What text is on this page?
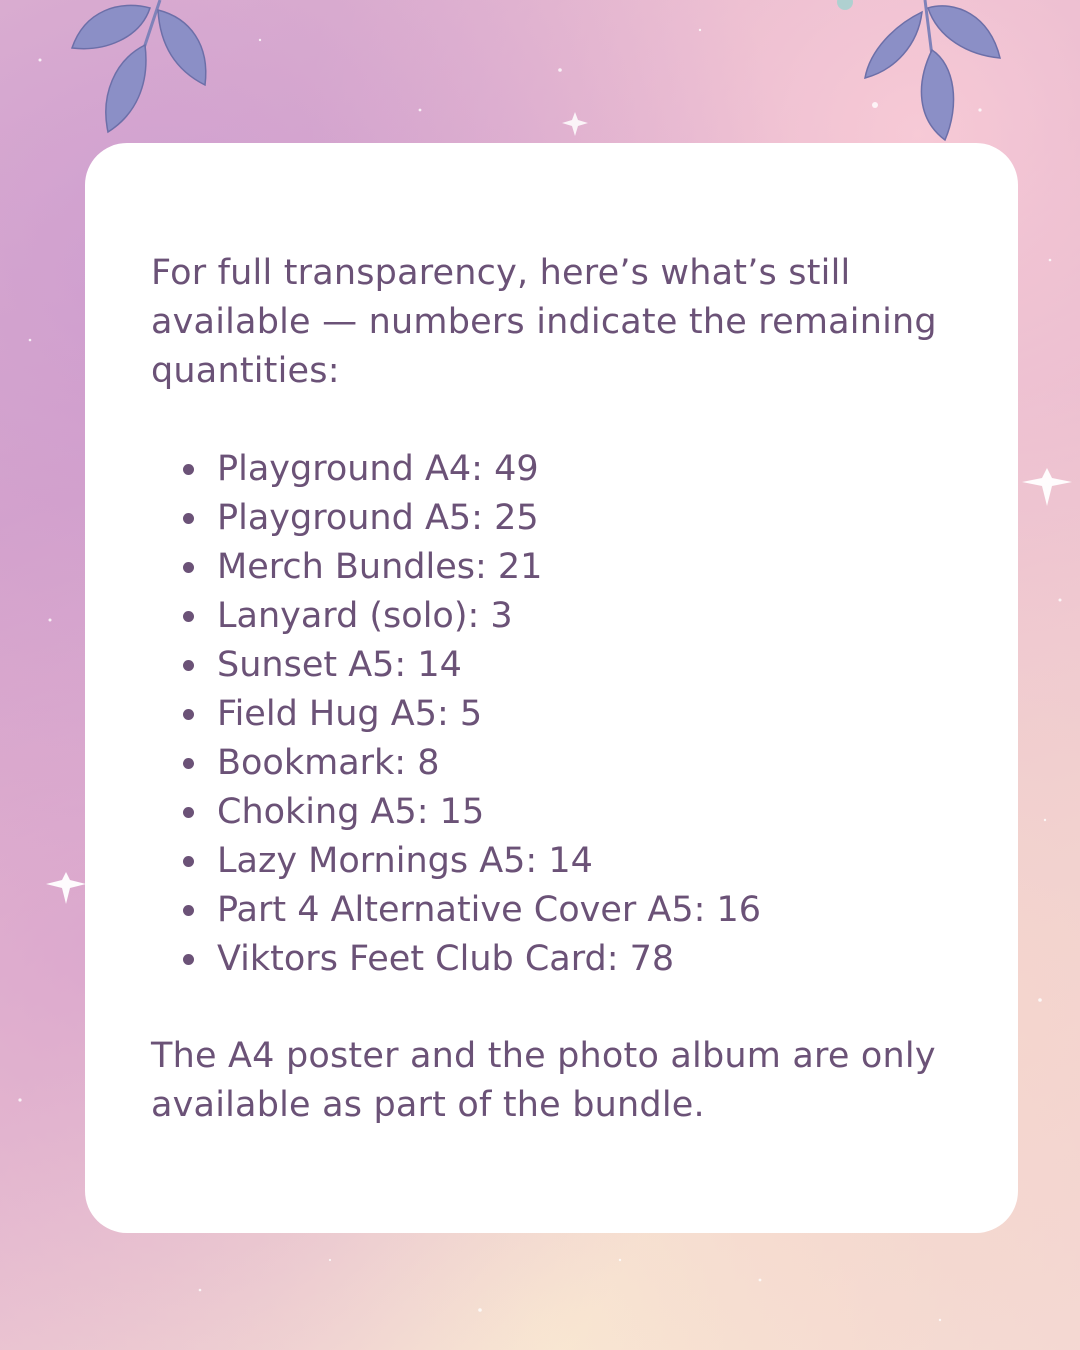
For full transparency, here’s what’s still available — numbers indicate the remaining quantities:

Playground A4: 49
Playground A5: 25
Merch Bundles: 21
Lanyard (solo): 3
Sunset A5: 14
Field Hug A5: 5
Bookmark: 8
Choking A5: 15
Lazy Mornings A5: 14
Part 4 Alternative Cover A5: 16
Viktors Feet Club Card: 78

The A4 poster and the photo album are only available as part of the bundle.
